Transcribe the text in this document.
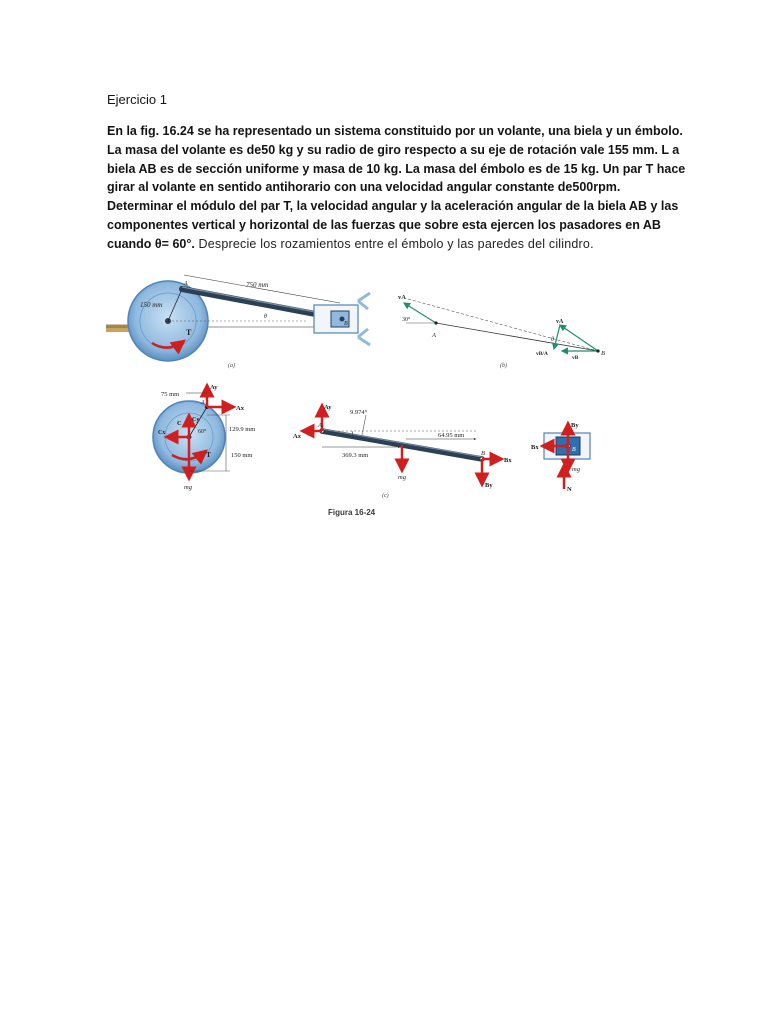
Ejercicio 1
En la fig. 16.24 se ha representado un sistema constituido por un volante, una biela y un émbolo.
La masa del volante es de50 kg y su radio de giro respecto a su eje de rotación vale 155 mm. L a
biela AB es de sección uniforme y masa de 10 kg. La masa del émbolo es de 15 kg. Un par T hace
girar al volante en sentido antihorario con una velocidad angular constante de500rpm.
Determinar el módulo del par T, la velocidad angular y la aceleración angular de la biela AB y las
componentes vertical y horizontal de las fuerzas que sobre esta ejercen los pasadores en AB
cuando θ= 60°. Desprecie los rozamientos entre el émbolo y las paredes del cilindro.
750 mm
150 mm
A
B
θ
T
(a)
vA
30°
A
vA
θ
vB/A
vB
B
(b)
75 mm
129.9 mm
150 mm
60°
Ay
Ax
A
C Cy
Cx
T
mg
Ay
Ax
A
9.974°
64.95 mm
369.3 mm
mg
B
Bx
By
(c)
By
Bx	B
mg
N
Figura 16-24
